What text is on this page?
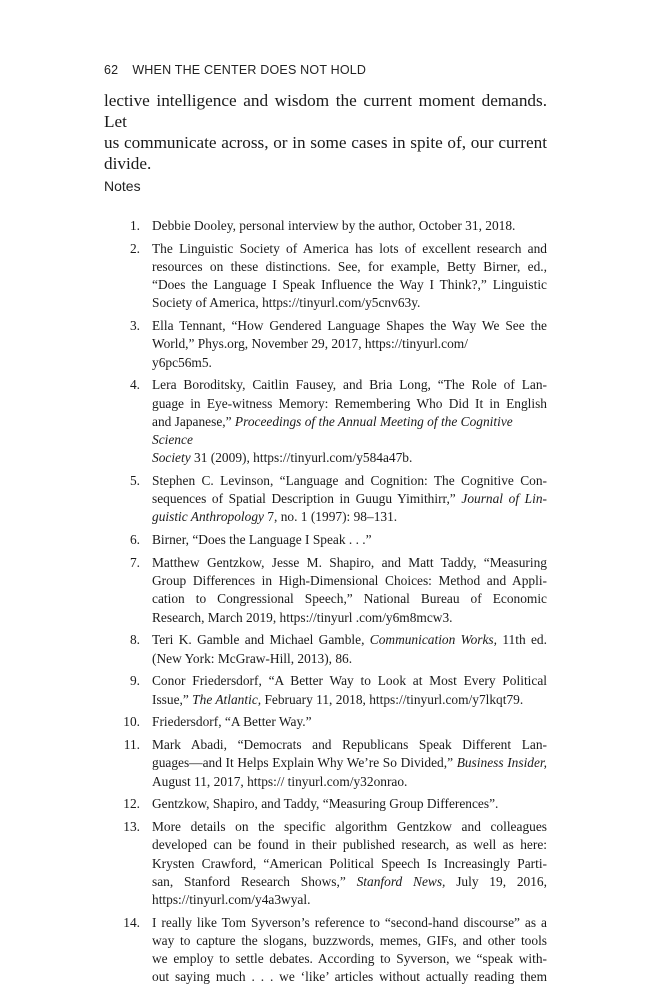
62 WHEN THE CENTER DOES NOT HOLD

lective intelligence and wisdom the current moment demands. Let
us communicate across, or in some cases in spite of, our current
divide.

Notes
1. Debbie Dooley, personal interview by the author, October 31, 2018.
2. The Linguistic Society of America has lots of excellent research and
resources on these distinctions. See, for example, Betty Birner, ed.,
“Does the Language I Speak Influence the Way I Think?,” Linguistic
Society of America, https://tinyurl.com/y5cnv63y.
3. Ella Tennant, “How Gendered Language Shapes the Way We See the
World,” Phys.org, November 29, 2017, https://tinyurl.com/
y6pc56m5.
4. Lera Boroditsky, Caitlin Fausey, and Bria Long, “The Role of Lan-
guage in Eye-witness Memory: Remembering Who Did It in English
and Japanese,” Proceedings of the Annual Meeting of the Cognitive Science
Society 31 (2009), https://tinyurl.com/y584a47b.
5. Stephen C. Levinson, “Language and Cognition: The Cognitive Con-
sequences of Spatial Description in Guugu Yimithirr,” Journal of Lin-
guistic Anthropology 7, no. 1 (1997): 98–131.
6. Birner, “Does the Language I Speak . . .”
7. Matthew Gentzkow, Jesse M. Shapiro, and Matt Taddy, “Measuring
Group Differences in High-Dimensional Choices: Method and Appli-
cation to Congressional Speech,” National Bureau of Economic
Research, March 2019, https://tinyurl .com/y6m8mcw3.
8. Teri K. Gamble and Michael Gamble, Communication Works, 11th ed.
(New York: McGraw-Hill, 2013), 86.
9. Conor Friedersdorf, “A Better Way to Look at Most Every Political
Issue,” The Atlantic, February 11, 2018, https://tinyurl.com/y7lkqt79.
10. Friedersdorf, “A Better Way.”
11. Mark Abadi, “Democrats and Republicans Speak Different Lan-
guages—and It Helps Explain Why We’re So Divided,” Business Insider,
August 11, 2017, https:// tinyurl.com/y32onrao.
12. Gentzkow, Shapiro, and Taddy, “Measuring Group Differences”.
13. More details on the specific algorithm Gentzkow and colleagues
developed can be found in their published research, as well as here:
Krysten Crawford, “American Political Speech Is Increasingly Parti-
san, Stanford Research Shows,” Stanford News, July 19, 2016,
https://tinyurl.com/y4a3wyal.
14. I really like Tom Syverson’s reference to “second-hand discourse” as a
way to capture the slogans, buzzwords, memes, GIFs, and other tools
we employ to settle debates. According to Syverson, we “speak with-
out saying much . . . we ‘like’ articles without actually reading them
